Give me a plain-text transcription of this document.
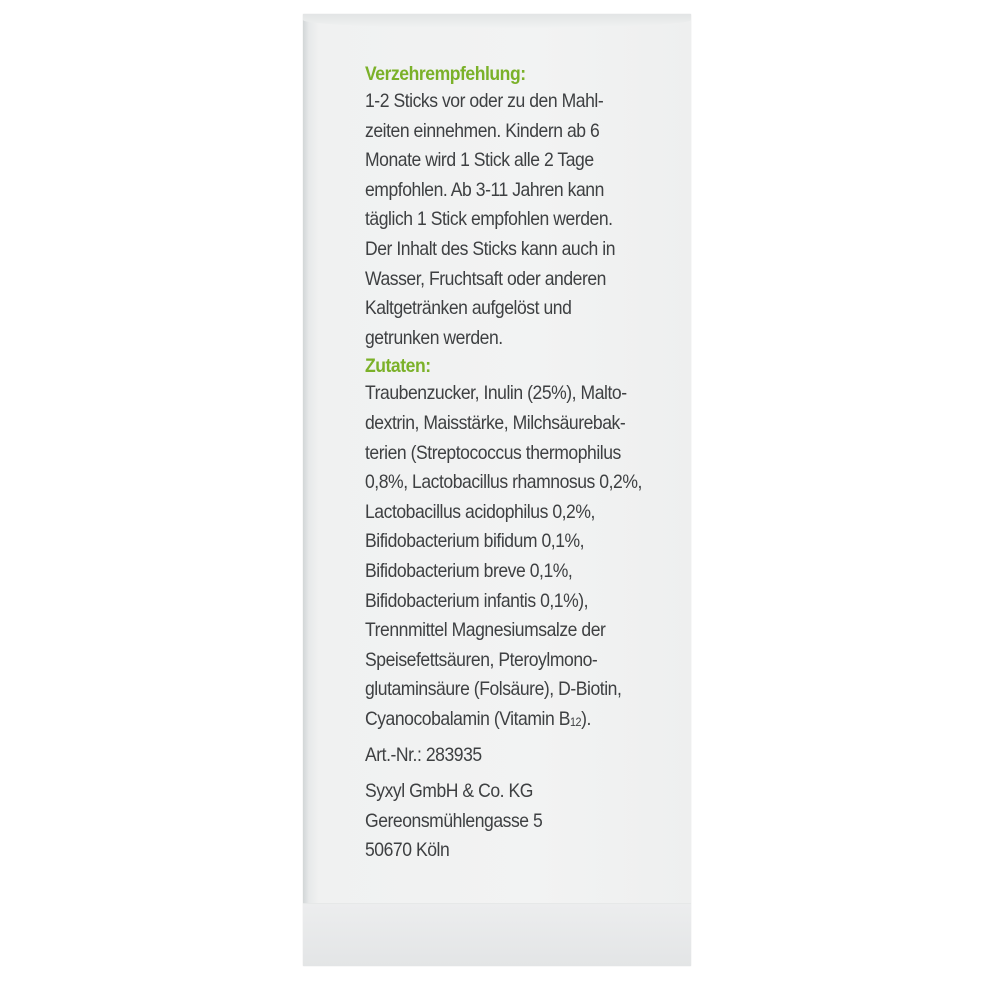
Verzehrempfehlung:
1-2 Sticks vor oder zu den Mahl-
zeiten einnehmen. Kindern ab 6
Monate wird 1 Stick alle 2 Tage
empfohlen. Ab 3-11 Jahren kann
täglich 1 Stick empfohlen werden.
Der Inhalt des Sticks kann auch in
Wasser, Fruchtsaft oder anderen
Kaltgetränken aufgelöst und
getrunken werden.
Zutaten:
Traubenzucker, Inulin (25%), Malto-
dextrin, Maisstärke, Milchsäurebak-
terien (Streptococcus thermophilus
0,8%, Lactobacillus rhamnosus 0,2%,
Lactobacillus acidophilus 0,2%,
Bifidobacterium bifidum 0,1%,
Bifidobacterium breve 0,1%,
Bifidobacterium infantis 0,1%),
Trennmittel Magnesiumsalze der
Speisefettsäuren, Pteroylmono-
glutaminsäure (Folsäure), D-Biotin,
Cyanocobalamin (Vitamin B12).
Art.-Nr.: 283935
Syxyl GmbH & Co. KG
Gereonsmühlengasse 5
50670 Köln
